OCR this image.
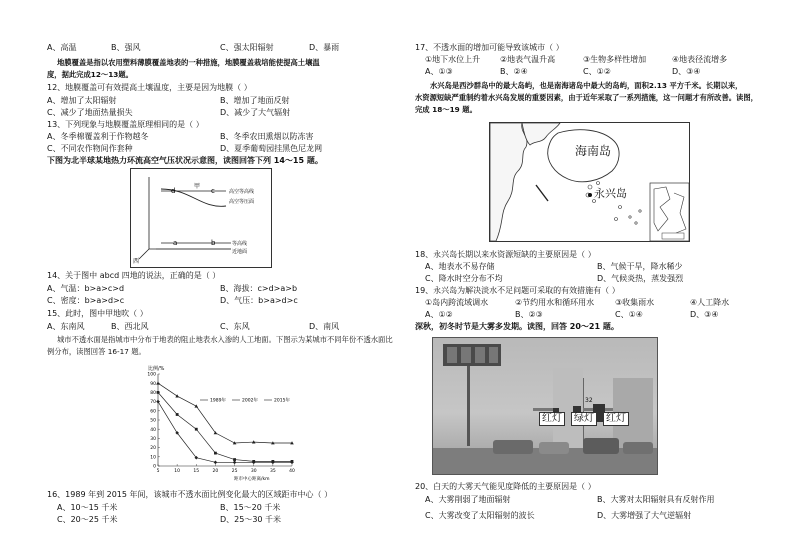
A、高温	B、强风	C、强太阳辐射	D、暴雨
地膜覆盖是指以农用塑料薄膜覆盖地表的一种措施，地膜覆盖栽培能使提高土壤温
度，据此完成12～13题。
12、地膜覆盖可有效提高土壤温度，主要是因为地膜（ ）
A、增加了太阳辐射	B、增加了地面反射
C、减少了地面热量损失	D、减少了大气辐射
13、下列现象与地膜覆盖原理相同的是（ ）
A、冬季棉覆盖利于作物越冬	B、冬季农田熏烟以防冻害
C、不同农作物间作套种	D、夏季葡萄园挂黑色尼龙网
下图为北半球某地热力环流高空气压状况示意图，读图回答下列 14～15 题。
d
甲
c
a	b
高空等高线
高空等压面
等高线
近地面
西
14、关于图中 abcd 四地的说法，正确的是（ ）
A、气温：b>a>c>d	B、海拔：c>d>a>b
C、密度：b>a>d>c	D、气压：b>a>d>c
15、此时，图中甲地吹（ ）
A、东南风	B、西北风	C、东风	D、南风
城市不透水面是指城市中分布于地表的阻止地表水入渗的人工地面。下图示为某城市不同年份不透水面比
例分布，读图回答 16-17 题。
比例/%
距市中心距离/km
100
90
80
70
60
50
40
30
20
10
0
5	10	15	20	25	30	35	40
1989年	2002年	2015年
16、1989 年到 2015 年间，该城市不透水面比例变化最大的区域距市中心（ ）
A、10～15 千米	B、15～20 千米
C、20～25 千米	D、25～30 千米
17、不透水面的增加可能导致该城市（ ）
①地下水位上升 ②地表气温升高	③生物多样性增加	④地表径流增多
A、①③	B、②④	C、①②	D、③④
水兴岛是西沙群岛中的最大岛屿，也是南海诸岛中最大的岛屿，面积2.13 平方千米。长期以来，
水资源短缺严重制约着水兴岛发展的重要因素，由于近年采取了一系列措施，这一问题才有所改善。读图，
完成 18～19 题。
海南岛
永兴岛
18、永兴岛长期以来水资源短缺的主要原因是（ ）
A、地表水不易存储	B、气候干旱，降水稀少
C、降水时空分布不均	D、气候炎热，蒸发强烈
19、永兴岛为解决淡水不足问题可采取的有效措施有（ ）
①岛内跨流域调水	②节约用水和循环用水	③收集雨水	④人工降水
A、①②	B、②③	C、①④	D、③④
深秋，初冬时节是大雾多发期。读图，回答 20～21 题。
32
红灯	绿灯	红灯
20、白天的大雾天气能见度降低的主要原因是（ ）
A、大雾削弱了地面辐射	B、大雾对太阳辐射具有反射作用
C、大雾改变了太阳辐射的波长	D、大雾增强了大气逆辐射
